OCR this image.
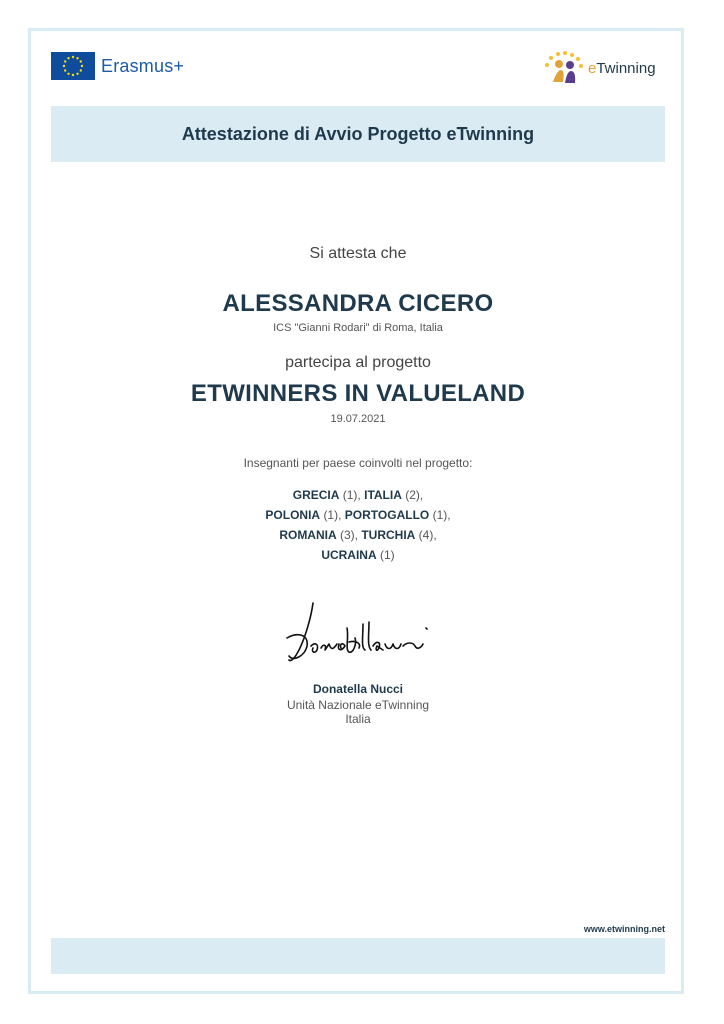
Erasmus+	eTwinning
Attestazione di Avvio Progetto eTwinning
Si attesta che
ALESSANDRA CICERO
ICS "Gianni Rodari" di Roma, Italia
partecipa al progetto
ETWINNERS IN VALUELAND
19.07.2021
Insegnanti per paese coinvolti nel progetto:
GRECIA (1), ITALIA (2),
POLONIA (1), PORTOGALLO (1),
ROMANIA (3), TURCHIA (4),
UCRAINA (1)
Donatella Nucci
Unità Nazionale eTwinning
Italia
www.etwinning.net
